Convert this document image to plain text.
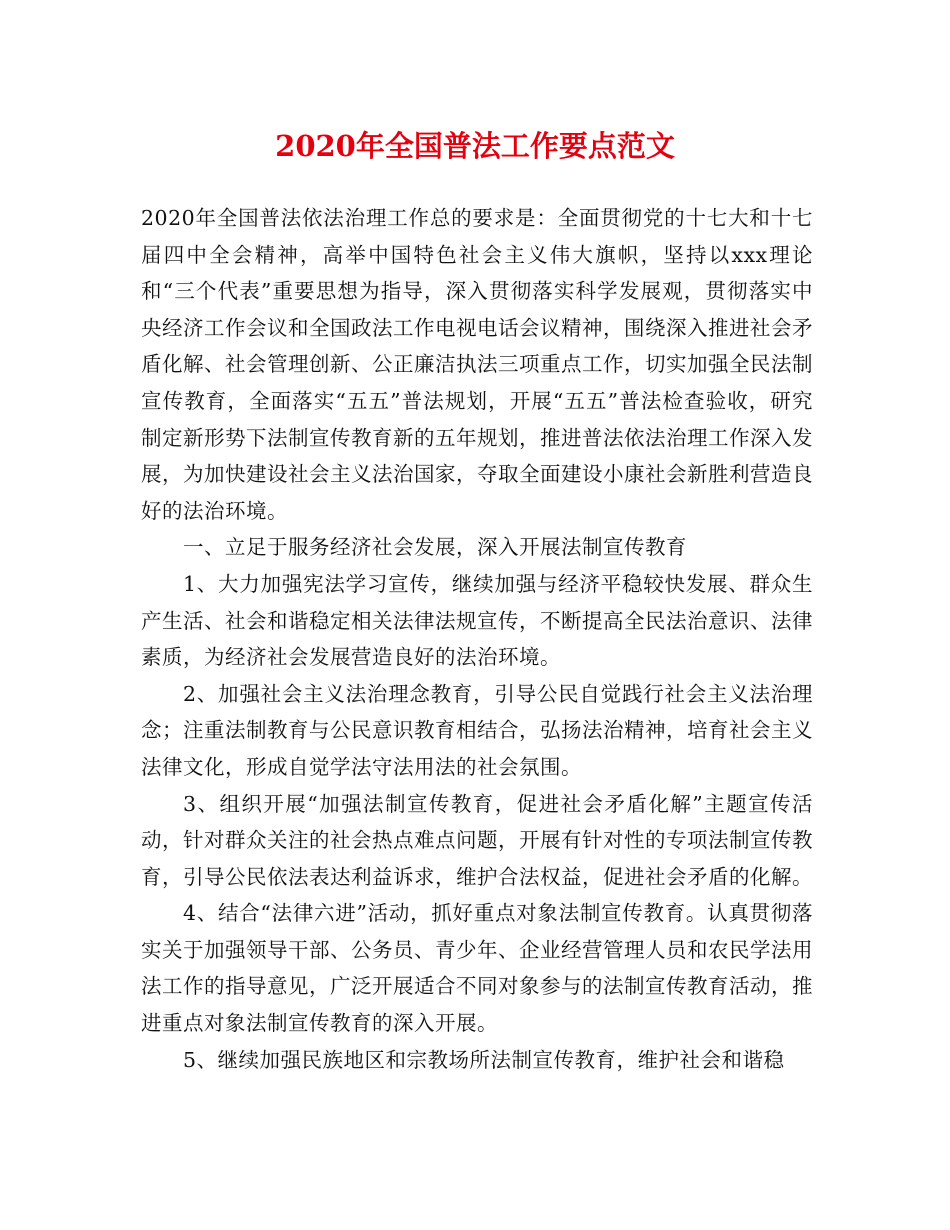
2020年全国普法工作要点范文

2020年全国普法依法治理工作总的要求是：全面贯彻党的十七大和十七届四中全会精神，高举中国特色社会主义伟大旗帜，坚持以xxx理论和“三个代表”重要思想为指导，深入贯彻落实科学发展观，贯彻落实中央经济工作会议和全国政法工作电视电话会议精神，围绕深入推进社会矛盾化解、社会管理创新、公正廉洁执法三项重点工作，切实加强全民法制宣传教育，全面落实“五五”普法规划，开展“五五”普法检查验收，研究制定新形势下法制宣传教育新的五年规划，推进普法依法治理工作深入发展，为加快建设社会主义法治国家，夺取全面建设小康社会新胜利营造良好的法治环境。

一、立足于服务经济社会发展，深入开展法制宣传教育

1、大力加强宪法学习宣传，继续加强与经济平稳较快发展、群众生产生活、社会和谐稳定相关法律法规宣传，不断提高全民法治意识、法律素质，为经济社会发展营造良好的法治环境。

2、加强社会主义法治理念教育，引导公民自觉践行社会主义法治理念；注重法制教育与公民意识教育相结合，弘扬法治精神，培育社会主义法律文化，形成自觉学法守法用法的社会氛围。

3、组织开展“加强法制宣传教育，促进社会矛盾化解”主题宣传活动，针对群众关注的社会热点难点问题，开展有针对性的专项法制宣传教育，引导公民依法表达利益诉求，维护合法权益，促进社会矛盾的化解。

4、结合“法律六进”活动，抓好重点对象法制宣传教育。认真贯彻落实关于加强领导干部、公务员、青少年、企业经营管理人员和农民学法用法工作的指导意见，广泛开展适合不同对象参与的法制宣传教育活动，推进重点对象法制宣传教育的深入开展。

5、继续加强民族地区和宗教场所法制宣传教育，维护社会和谐稳
